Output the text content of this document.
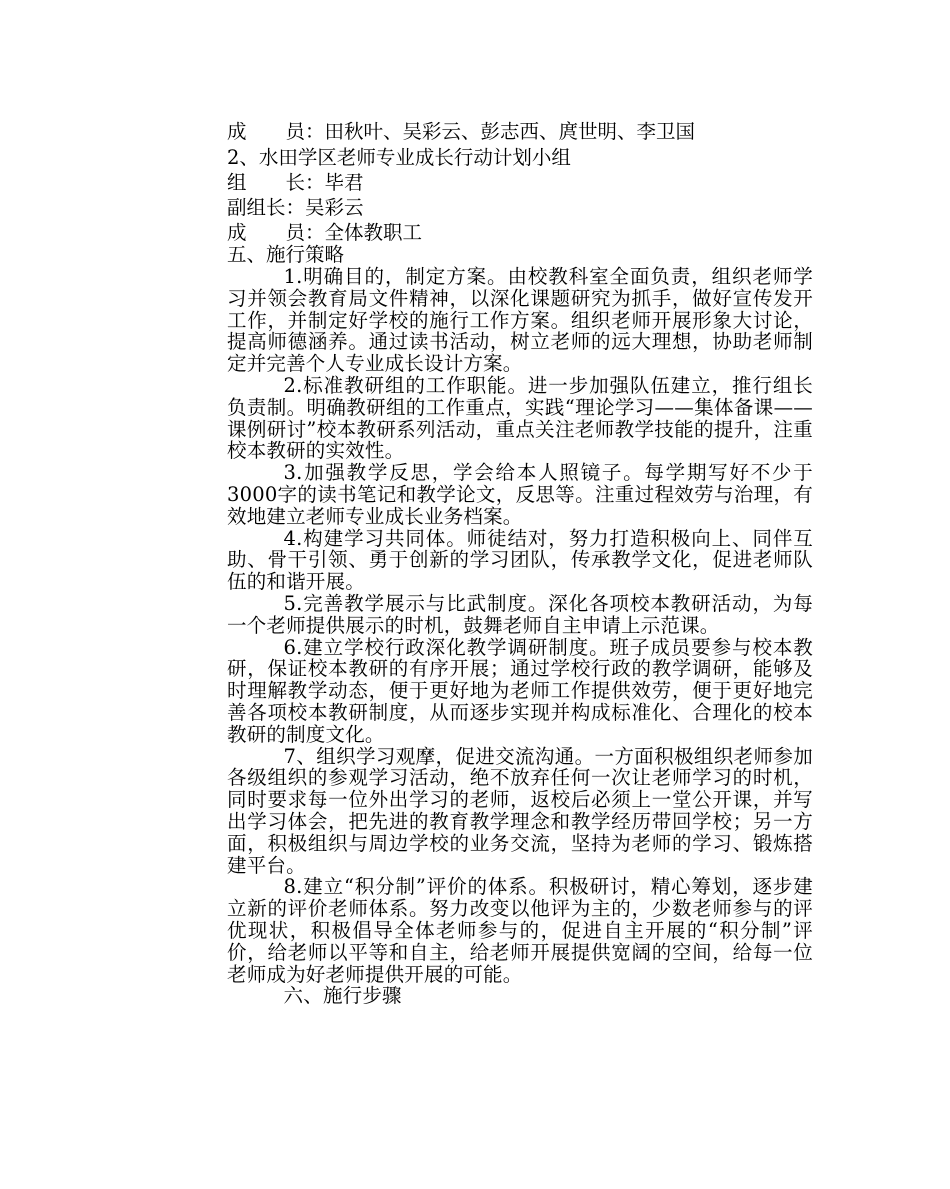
成　　员：田秋叶、吴彩云、彭志西、庹世明、李卫国
2、水田学区老师专业成长行动计划小组
组　　长：毕君
副组长：吴彩云
成　　员：全体教职工
五、施行策略

1.明确目的，制定方案。由校教科室全面负责，组织老师学习并领会教育局文件精神，以深化课题研究为抓手，做好宣传发开工作，并制定好学校的施行工作方案。组织老师开展形象大讨论，提高师德涵养。通过读书活动，树立老师的远大理想，协助老师制定并完善个人专业成长设计方案。

2.标准教研组的工作职能。进一步加强队伍建立，推行组长负责制。明确教研组的工作重点，实践“理论学习——集体备课——课例研讨”校本教研系列活动，重点关注老师教学技能的提升，注重校本教研的实效性。

3.加强教学反思，学会给本人照镜子。每学期写好不少于3000字的读书笔记和教学论文，反思等。注重过程效劳与治理，有效地建立老师专业成长业务档案。

4.构建学习共同体。师徒结对，努力打造积极向上、同伴互助、骨干引领、勇于创新的学习团队，传承教学文化，促进老师队伍的和谐开展。

5.完善教学展示与比武制度。深化各项校本教研活动，为每一个老师提供展示的时机，鼓舞老师自主申请上示范课。

6.建立学校行政深化教学调研制度。班子成员要参与校本教研，保证校本教研的有序开展；通过学校行政的教学调研，能够及时理解教学动态，便于更好地为老师工作提供效劳，便于更好地完善各项校本教研制度，从而逐步实现并构成标准化、合理化的校本教研的制度文化。

7、组织学习观摩，促进交流沟通。一方面积极组织老师参加各级组织的参观学习活动，绝不放弃任何一次让老师学习的时机，同时要求每一位外出学习的老师，返校后必须上一堂公开课，并写出学习体会，把先进的教育教学理念和教学经历带回学校；另一方面，积极组织与周边学校的业务交流，坚持为老师的学习、锻炼搭建平台。

8.建立“积分制”评价的体系。积极研讨，精心筹划，逐步建立新的评价老师体系。努力改变以他评为主的，少数老师参与的评优现状，积极倡导全体老师参与的，促进自主开展的“积分制”评价，给老师以平等和自主，给老师开展提供宽阔的空间，给每一位老师成为好老师提供开展的可能。

六、施行步骤
